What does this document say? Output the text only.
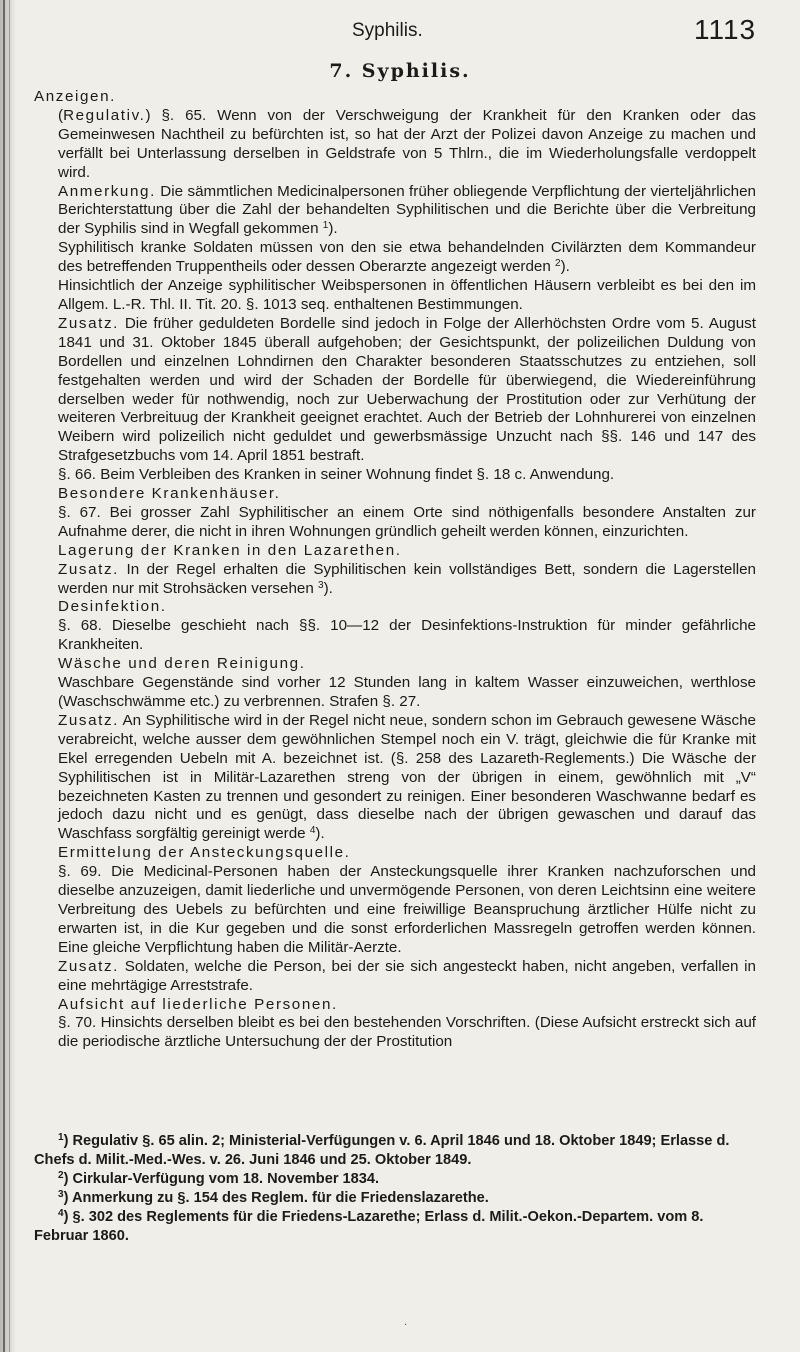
Syphilis.	1113
7. Syphilis.

Anzeigen.

(Regulativ.) §. 65. Wenn von der Verschweigung der Krankheit für den Kranken oder das Gemeinwesen Nachtheil zu befürchten ist, so hat der Arzt der Polizei davon Anzeige zu machen und verfällt bei Unterlassung derselben in Geldstrafe von 5 Thlrn., die im Wiederholungsfalle verdoppelt wird.

Anmerkung. Die sämmtlichen Medicinalpersonen früher obliegende Verpflichtung der vierteljährlichen Berichterstattung über die Zahl der behandelten Syphilitischen und die Berichte über die Verbreitung der Syphilis sind in Wegfall gekommen $^1$).

Syphilitisch kranke Soldaten müssen von den sie etwa behandelnden Civilärzten dem Kommandeur des betreffenden Truppentheils oder dessen Oberarzte angezeigt werden $^2$).

Hinsichtlich der Anzeige syphilitischer Weibspersonen in öffentlichen Häusern verbleibt es bei den im Allgem. L.-R. Thl. II. Tit. 20. §. 1013 seq. enthaltenen Bestimmungen.

Zusatz. Die früher geduldeten Bordelle sind jedoch in Folge der Allerhöchsten Ordre vom 5. August 1841 und 31. Oktober 1845 überall aufgehoben; der Gesichtspunkt, der polizeilichen Duldung von Bordellen und einzelnen Lohndirnen den Charakter besonderen Staatsschutzes zu entziehen, soll festgehalten werden und wird der Schaden der Bordelle für überwiegend, die Wiedereinführung derselben weder für nothwendig, noch zur Ueberwachung der Prostitution oder zur Verhütung der weiteren Verbreituug der Krankheit geeignet erachtet. Auch der Betrieb der Lohnhurerei von einzelnen Weibern wird polizeilich nicht geduldet und gewerbsmässige Unzucht nach §§. 146 und 147 des Strafgesetzbuchs vom 14. April 1851 bestraft.

§. 66. Beim Verbleiben des Kranken in seiner Wohnung findet §. 18 c. Anwendung.

Besondere Krankenhäuser.

§. 67. Bei grosser Zahl Syphilitischer an einem Orte sind nöthigenfalls besondere Anstalten zur Aufnahme derer, die nicht in ihren Wohnungen gründlich geheilt werden können, einzurichten.

Lagerung der Kranken in den Lazarethen.

Zusatz. In der Regel erhalten die Syphilitischen kein vollständiges Bett, sondern die Lagerstellen werden nur mit Strohsäcken versehen $^3$).

Desinfektion.

§. 68. Dieselbe geschieht nach §§. 10—12 der Desinfektions-Instruktion für minder gefährliche Krankheiten.

Wäsche und deren Reinigung.

Waschbare Gegenstände sind vorher 12 Stunden lang in kaltem Wasser einzuweichen, werthlose (Waschschwämme etc.) zu verbrennen. Strafen §. 27.

Zusatz. An Syphilitische wird in der Regel nicht neue, sondern schon im Gebrauch gewesene Wäsche verabreicht, welche ausser dem gewöhnlichen Stempel noch ein V. trägt, gleichwie die für Kranke mit Ekel erregenden Uebeln mit A. bezeichnet ist. (§. 258 des Lazareth-Reglements.) Die Wäsche der Syphilitischen ist in Militär-Lazarethen streng von der übrigen in einem, gewöhnlich mit „V“ bezeichneten Kasten zu trennen und gesondert zu reinigen. Einer besonderen Waschwanne bedarf es jedoch dazu nicht und es genügt, dass dieselbe nach der übrigen gewaschen und darauf das Waschfass sorgfältig gereinigt werde $^4$).

Ermittelung der Ansteckungsquelle.

§. 69. Die Medicinal-Personen haben der Ansteckungsquelle ihrer Kranken nachzuforschen und dieselbe anzuzeigen, damit liederliche und unvermögende Personen, von deren Leichtsinn eine weitere Verbreitung des Uebels zu befürchten und eine freiwillige Beanspruchung ärztlicher Hülfe nicht zu erwarten ist, in die Kur gegeben und die sonst erforderlichen Massregeln getroffen werden können. Eine gleiche Verpflichtung haben die Militär-Aerzte.

Zusatz. Soldaten, welche die Person, bei der sie sich angesteckt haben, nicht angeben, verfallen in eine mehrtägige Arreststrafe.

Aufsicht auf liederliche Personen.

§. 70. Hinsichts derselben bleibt es bei den bestehenden Vorschriften. (Diese Aufsicht erstreckt sich auf die periodische ärztliche Untersuchung der der Prostitution

$^1$) Regulativ §. 65 alin. 2; Ministerial-Verfügungen v. 6. April 1846 und 18. Oktober 1849; Erlasse d. Chefs d. Milit.-Med.-Wes. v. 26. Juni 1846 und 25. Oktober 1849.

$^2$) Cirkular-Verfügung vom 18. November 1834.

$^3$) Anmerkung zu §. 154 des Reglem. für die Friedenslazarethe.

$^4$) §. 302 des Reglements für die Friedens-Lazarethe; Erlass d. Milit.-Oekon.-Departem. vom 8. Februar 1860.

·
